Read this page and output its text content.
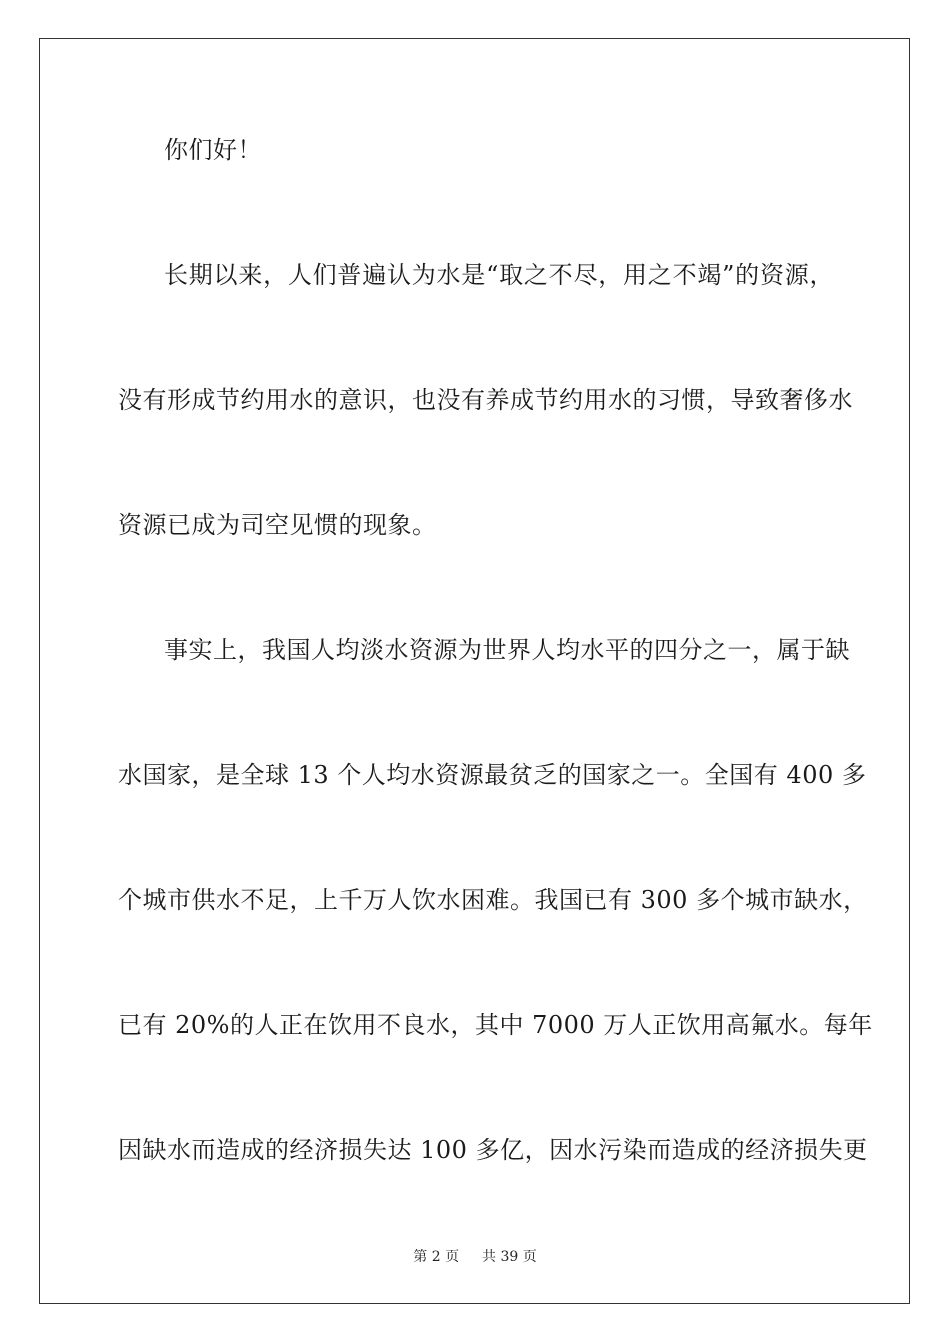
你们好！
长期以来，人们普遍认为水是“取之不尽，用之不竭”的资源，
没有形成节约用水的意识，也没有养成节约用水的习惯，导致奢侈水
资源已成为司空见惯的现象。
事实上，我国人均淡水资源为世界人均水平的四分之一，属于缺
水国家，是全球 13 个人均水资源最贫乏的国家之一。全国有 400 多
个城市供水不足，上千万人饮水困难。我国已有 300 多个城市缺水，
已有 20%的人正在饮用不良水，其中 7000 万人正饮用高氟水。每年
因缺水而造成的经济损失达 100 多亿，因水污染而造成的经济损失更
第 2 页 共 39 页
